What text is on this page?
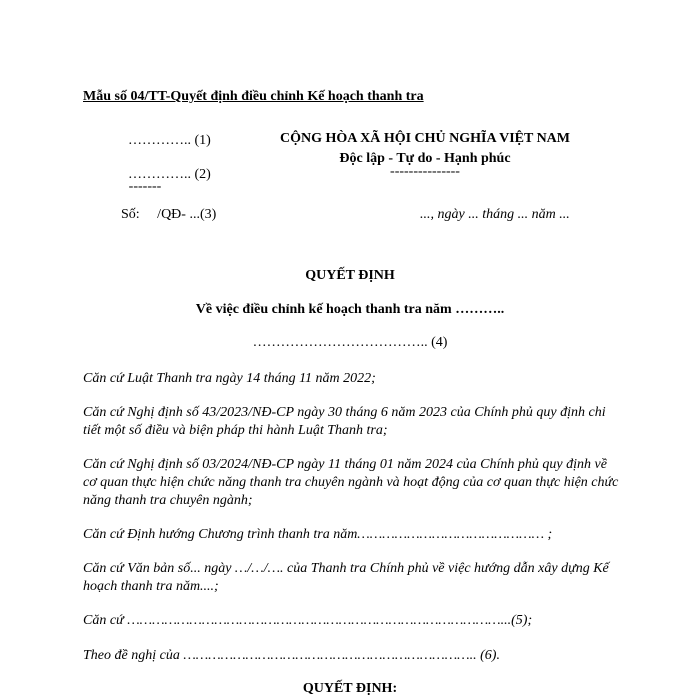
Mẫu số 04/TT-Quyết định điều chỉnh Kế hoạch thanh tra
………….. (1)
………….. (2)
-------
CỘNG HÒA XÃ HỘI CHỦ NGHĨA VIỆT NAM
Độc lập - Tự do - Hạnh phúc
---------------
Số:     /QĐ- ...(3)	..., ngày ... tháng ... năm ...
QUYẾT ĐỊNH
Về việc điều chỉnh kế hoạch thanh tra năm ………..
……………………………….. (4)
Căn cứ Luật Thanh tra ngày 14 tháng 11 năm 2022;
Căn cứ Nghị định số 43/2023/NĐ-CP ngày 30 tháng 6 năm 2023 của Chính phủ quy định chi tiết một số điều và biện pháp thi hành Luật Thanh tra;
Căn cứ Nghị định số 03/2024/NĐ-CP ngày 11 tháng 01 năm 2024 của Chính phủ quy định về cơ quan thực hiện chức năng thanh tra chuyên ngành và hoạt động của cơ quan thực hiện chức năng thanh tra chuyên ngành;
Căn cứ Định hướng Chương trình thanh tra năm……………………………………… ;
Căn cứ Văn bản số... ngày …/…/…. của Thanh tra Chính phủ về việc hướng dẫn xây dựng Kế hoạch thanh tra năm....;
Căn cứ ………………………………………………………………………………...(5);
Theo đề nghị của …………………………………………………………….. (6).
QUYẾT ĐỊNH:
